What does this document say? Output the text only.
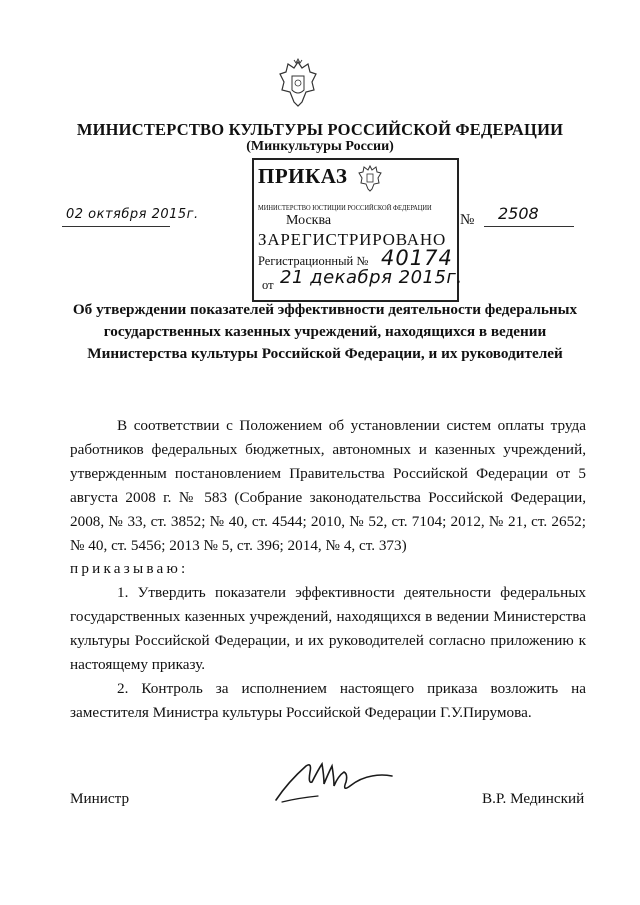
МИНИСТЕРСТВО КУЛЬТУРЫ РОССИЙСКОЙ ФЕДЕРАЦИИ
(Минкультуры России)
ПРИКАЗ
МИНИСТЕРСТВО ЮСТИЦИИ РОССИЙСКОЙ ФЕДЕРАЦИИ
Москва
ЗАРЕГИСТРИРОВАНО
Регистрационный № 40174
от 21 декабря 2015г.
02 октября 2015г.	№ 2508
Об утверждении показателей эффективности деятельности федеральных государственных казенных учреждений, находящихся в ведении Министерства культуры Российской Федерации, и их руководителей

В соответствии с Положением об установлении систем оплаты труда работников федеральных бюджетных, автономных и казенных учреждений, утвержденным постановлением Правительства Российской Федерации от 5 августа 2008 г. № 583 (Собрание законодательства Российской Федерации, 2008, № 33, ст. 3852; № 40, ст. 4544; 2010, № 52, ст. 7104; 2012, № 21, ст. 2652; № 40, ст. 5456; 2013 № 5, ст. 396; 2014, № 4, ст. 373)

приказываю:

1. Утвердить показатели эффективности деятельности федеральных государственных казенных учреждений, находящихся в ведении Министерства культуры Российской Федерации, и их руководителей согласно приложению к настоящему приказу.

2. Контроль за исполнением настоящего приказа возложить на заместителя Министра культуры Российской Федерации Г.У.Пирумова.

Министр	В.Р. Мединский
